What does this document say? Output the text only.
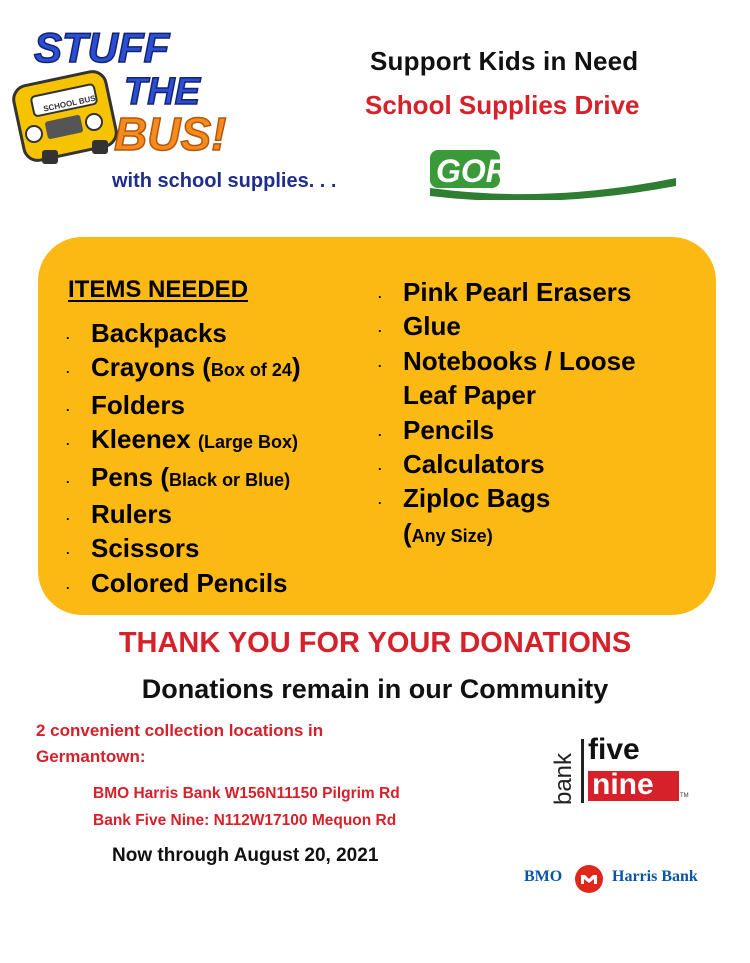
SCHOOL BUS
STUFF
THE
BUS!
Support Kids in Need
School Supplies Drive
with school supplies. . .	GORITEWAY
ITEMS NEEDED
. Backpacks
. Crayons (Box of 24)
. Folders
. Kleenex (Large Box)
. Pens (Black or Blue)
. Rulers
. Scissors
. Colored Pencils
. Pink Pearl Erasers
. Glue
. Notebooks / Loose
Leaf Paper
. Pencils
. Calculators
. Ziploc Bags
(Any Size)
THANK YOU FOR YOUR DONATIONS
Donations remain in our Community
2 convenient collection locations in Germantown:
BMO Harris Bank W156N11150 Pilgrim Rd
Bank Five Nine: N112W17100 Mequon Rd
Now through August 20, 2021
bank
five
nine	TM
BMO	Harris Bank
